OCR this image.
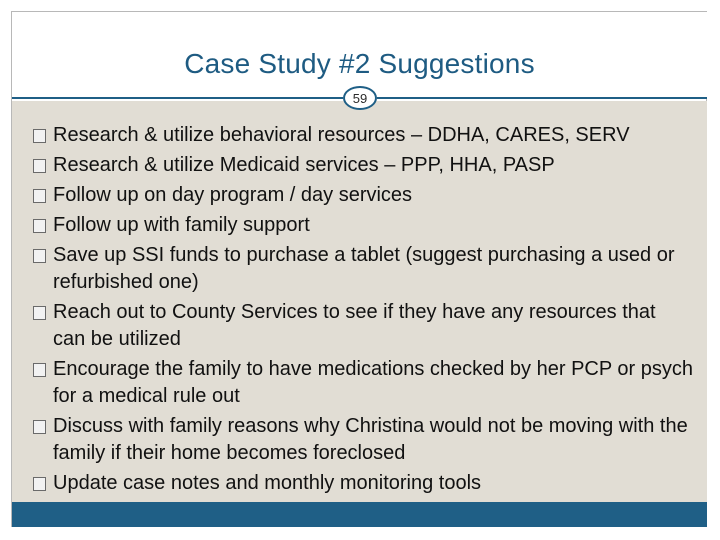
Case Study #2 Suggestions
59
Research & utilize behavioral resources – DDHA, CARES, SERV
Research & utilize Medicaid services – PPP, HHA, PASP
Follow up on day program / day services
Follow up with family support
Save up SSI funds to purchase a tablet (suggest purchasing a used or refurbished one)
Reach out to County Services to see if they have any resources that can be utilized
Encourage the family to have medications checked by her PCP or psych for a medical rule out
Discuss with family reasons why Christina would not be moving with the family if their home becomes foreclosed
Update case notes and monthly monitoring tools
